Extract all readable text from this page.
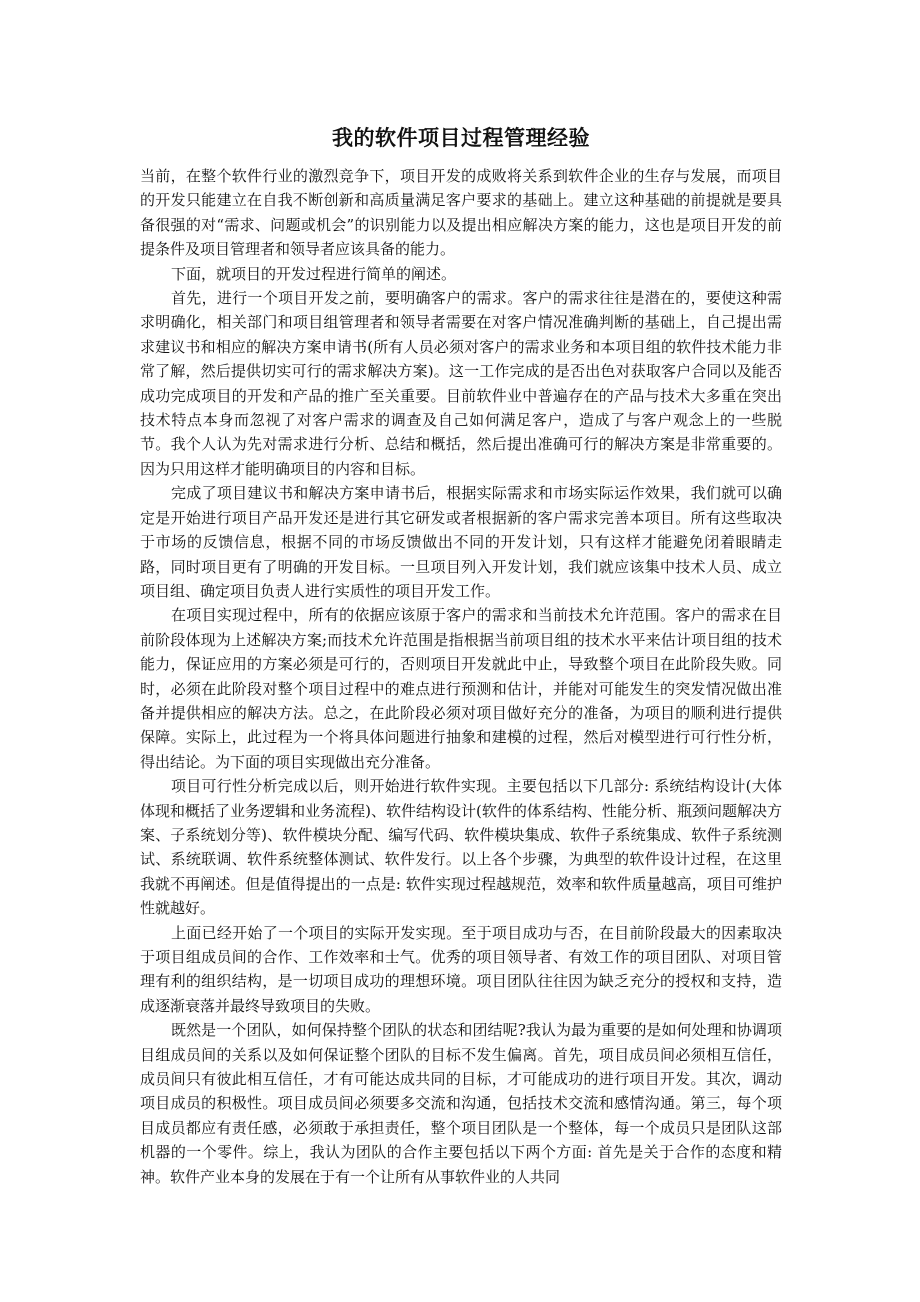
我的软件项目过程管理经验

当前，在整个软件行业的激烈竞争下，项目开发的成败将关系到软件企业的生存与发展，而项目的开发只能建立在自我不断创新和高质量满足客户要求的基础上。建立这种基础的前提就是要具备很强的对“需求、问题或机会”的识别能力以及提出相应解决方案的能力，这也是项目开发的前提条件及项目管理者和领导者应该具备的能力。

下面，就项目的开发过程进行简单的阐述。

首先，进行一个项目开发之前，要明确客户的需求。客户的需求往往是潜在的，要使这种需求明确化，相关部门和项目组管理者和领导者需要在对客户情况准确判断的基础上，自己提出需求建议书和相应的解决方案申请书(所有人员必须对客户的需求业务和本项目组的软件技术能力非常了解，然后提供切实可行的需求解决方案)。这一工作完成的是否出色对获取客户合同以及能否成功完成项目的开发和产品的推广至关重要。目前软件业中普遍存在的产品与技术大多重在突出技术特点本身而忽视了对客户需求的调查及自己如何满足客户，造成了与客户观念上的一些脱节。我个人认为先对需求进行分析、总结和概括，然后提出准确可行的解决方案是非常重要的。因为只用这样才能明确项目的内容和目标。

完成了项目建议书和解决方案申请书后，根据实际需求和市场实际运作效果，我们就可以确定是开始进行项目产品开发还是进行其它研发或者根据新的客户需求完善本项目。所有这些取决于市场的反馈信息，根据不同的市场反馈做出不同的开发计划，只有这样才能避免闭着眼睛走路，同时项目更有了明确的开发目标。一旦项目列入开发计划，我们就应该集中技术人员、成立项目组、确定项目负责人进行实质性的项目开发工作。

在项目实现过程中，所有的依据应该原于客户的需求和当前技术允许范围。客户的需求在目前阶段体现为上述解决方案;而技术允许范围是指根据当前项目组的技术水平来估计项目组的技术能力，保证应用的方案必须是可行的，否则项目开发就此中止，导致整个项目在此阶段失败。同时，必须在此阶段对整个项目过程中的难点进行预测和估计，并能对可能发生的突发情况做出准备并提供相应的解决方法。总之，在此阶段必须对项目做好充分的准备，为项目的顺利进行提供保障。实际上，此过程为一个将具体问题进行抽象和建模的过程，然后对模型进行可行性分析，得出结论。为下面的项目实现做出充分准备。

项目可行性分析完成以后，则开始进行软件实现。主要包括以下几部分: 系统结构设计(大体体现和概括了业务逻辑和业务流程)、软件结构设计(软件的体系结构、性能分析、瓶颈问题解决方案、子系统划分等)、软件模块分配、编写代码、软件模块集成、软件子系统集成、软件子系统测试、系统联调、软件系统整体测试、软件发行。以上各个步骤，为典型的软件设计过程，在这里我就不再阐述。但是值得提出的一点是: 软件实现过程越规范，效率和软件质量越高，项目可维护性就越好。

上面已经开始了一个项目的实际开发实现。至于项目成功与否，在目前阶段最大的因素取决于项目组成员间的合作、工作效率和士气。优秀的项目领导者、有效工作的项目团队、对项目管理有利的组织结构，是一切项目成功的理想环境。项目团队往往因为缺乏充分的授权和支持，造成逐渐衰落并最终导致项目的失败。

既然是一个团队，如何保持整个团队的状态和团结呢?我认为最为重要的是如何处理和协调项目组成员间的关系以及如何保证整个团队的目标不发生偏离。首先，项目成员间必须相互信任，成员间只有彼此相互信任，才有可能达成共同的目标，才可能成功的进行项目开发。其次，调动项目成员的积极性。项目成员间必须要多交流和沟通，包括技术交流和感情沟通。第三，每个项目成员都应有责任感，必须敢于承担责任，整个项目团队是一个整体，每一个成员只是团队这部机器的一个零件。综上，我认为团队的合作主要包括以下两个方面: 首先是关于合作的态度和精神。软件产业本身的发展在于有一个让所有从事软件业的人共同
